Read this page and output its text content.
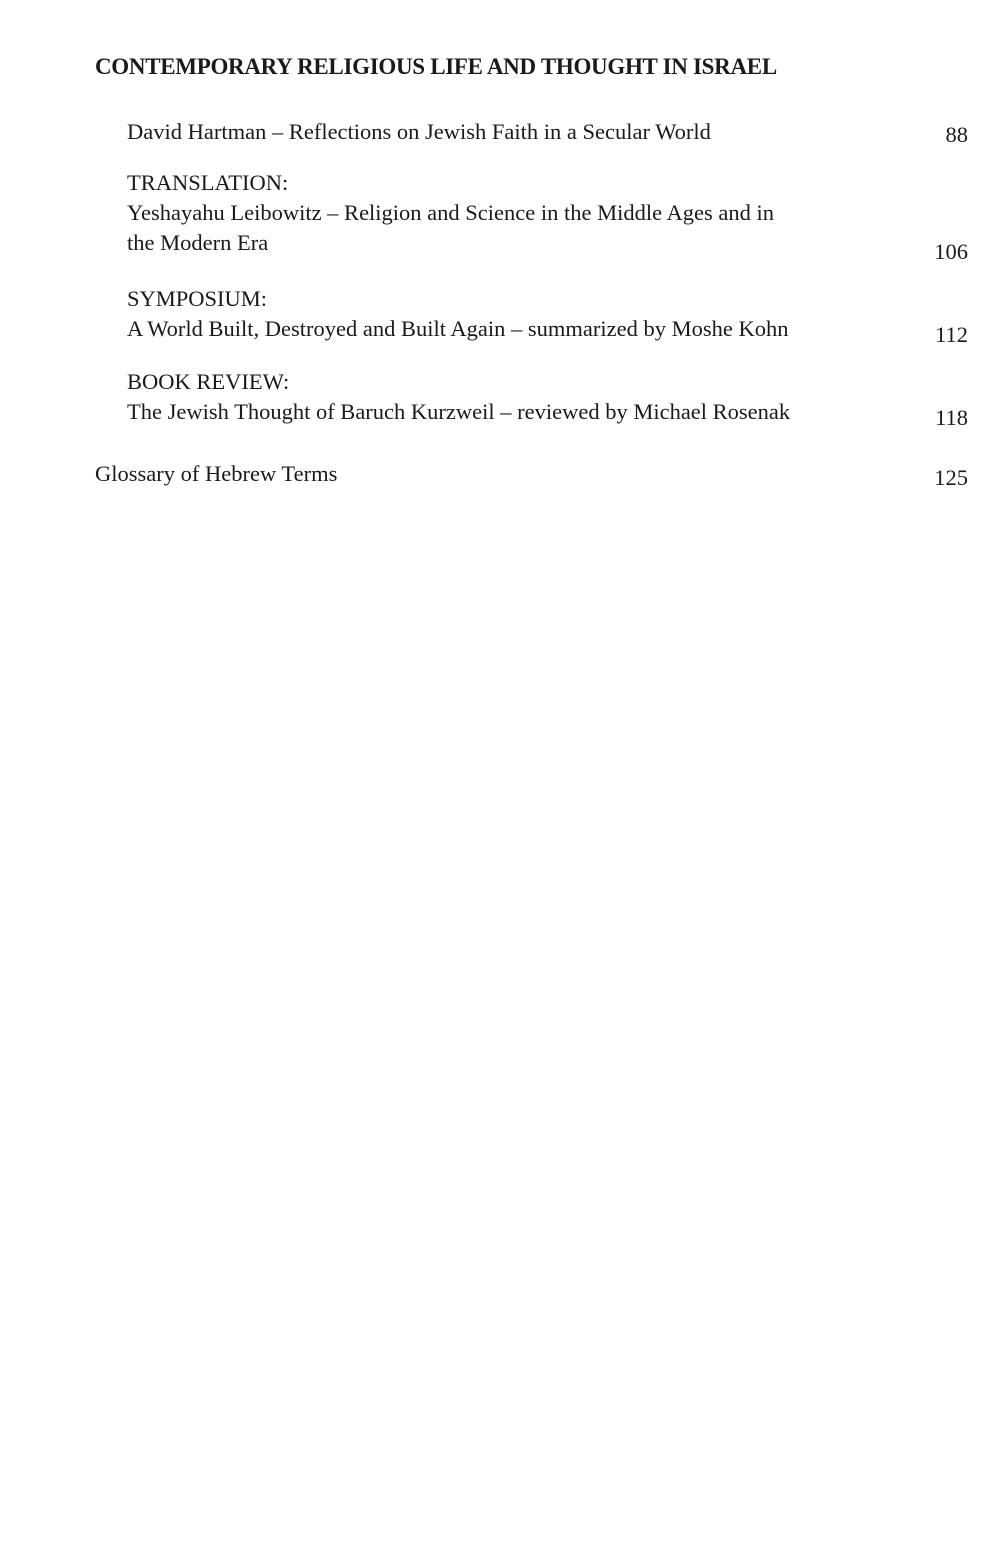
CONTEMPORARY RELIGIOUS LIFE AND THOUGHT IN ISRAEL
David Hartman – Reflections on Jewish Faith in a Secular World	88
TRANSLATION:
Yeshayahu Leibowitz – Religion and Science in the Middle Ages and in
the Modern Era	106
SYMPOSIUM:
A World Built, Destroyed and Built Again – summarized by Moshe Kohn	112
BOOK REVIEW:
The Jewish Thought of Baruch Kurzweil – reviewed by Michael Rosenak	118
Glossary of Hebrew Terms	125
